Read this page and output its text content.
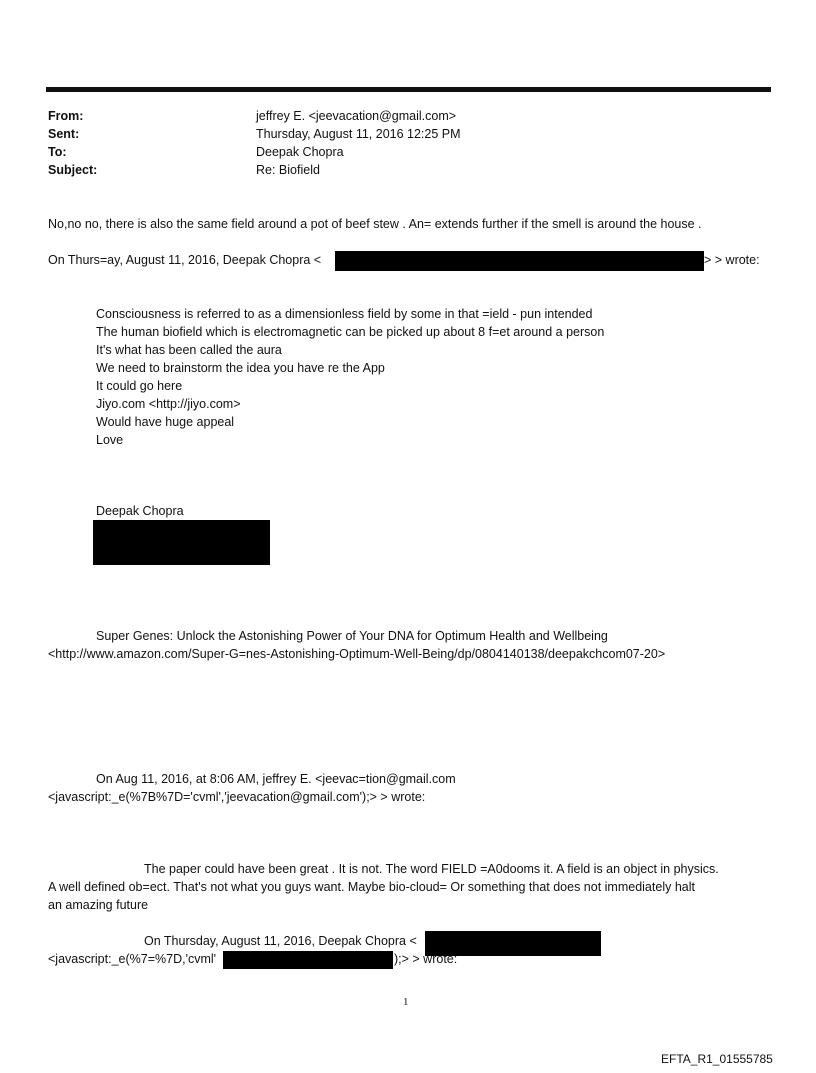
From:	jeffrey E. <jeevacation@gmail.com>
Sent:	Thursday, August 11, 2016 12:25 PM
To:	Deepak Chopra
Subject:	Re: Biofield
No,no no, there is also the same field around a pot of beef stew . An= extends further if the smell is around the house .
On Thurs=ay, August 11, 2016, Deepak Chopra <	> > wrote:
Consciousness is referred to as a dimensionless field by some in that =ield - pun intended
The human biofield which is electromagnetic can be picked up about 8 f=et around a person
It's what has been called the aura
We need to brainstorm the idea you have re the App
It could go here
Jiyo.com <http://jiyo.com>
Would have huge appeal
Love
Deepak Chopra
Super Genes: Unlock the Astonishing Power of Your DNA for Optimum Health and Wellbeing
<http://www.amazon.com/Super-G=nes-Astonishing-Optimum-Well-Being/dp/0804140138/deepakchcom07-20>
On Aug 11, 2016, at 8:06 AM, jeffrey E. <jeevac=tion@gmail.com
<javascript:_e(%7B%7D='cvml','jeevacation@gmail.com');> > wrote:
The paper could have been great . It is not. The word FIELD =A0dooms it. A field is an object in physics.
A well defined ob=ect. That's not what you guys want. Maybe bio-cloud= Or something that does not immediately halt
an amazing future
On Thursday, August 11, 2016, Deepak Chopra <
<javascript:_e(%7=%7D,'cvml'	);> > wrote:
1
EFTA_R1_01555785
